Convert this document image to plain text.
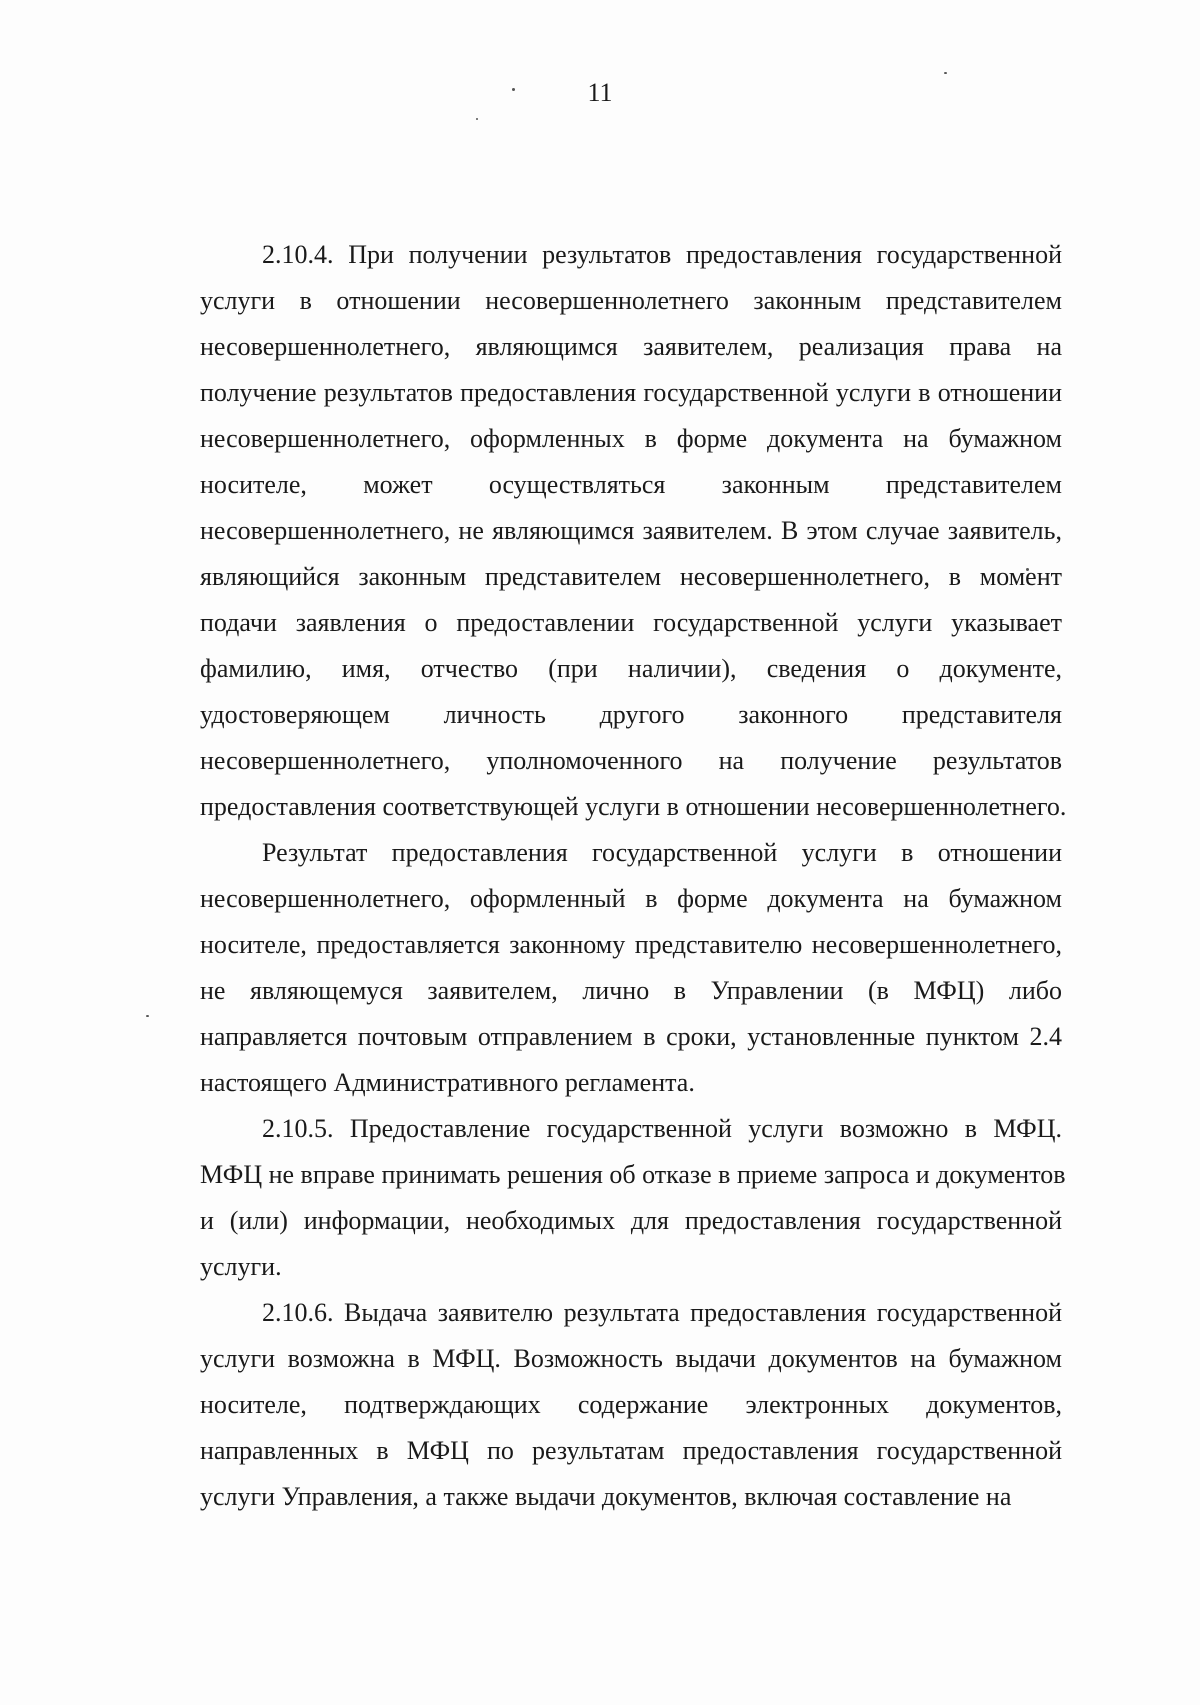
11
2.10.4. При получении результатов предоставления государственной
услуги в отношении несовершеннолетнего законным представителем
несовершеннолетнего, являющимся заявителем, реализация права на
получение результатов предоставления государственной услуги в отношении
несовершеннолетнего, оформленных в форме документа на бумажном
носителе, может осуществляться законным представителем
несовершеннолетнего, не являющимся заявителем. В этом случае заявитель,
являющийся законным представителем несовершеннолетнего, в момент
подачи заявления о предоставлении государственной услуги указывает
фамилию, имя, отчество (при наличии), сведения о документе,
удостоверяющем личность другого законного представителя
несовершеннолетнего, уполномоченного на получение результатов
предоставления соответствующей услуги в отношении несовершеннолетнего.
Результат предоставления государственной услуги в отношении
несовершеннолетнего, оформленный в форме документа на бумажном
носителе, предоставляется законному представителю несовершеннолетнего,
не являющемуся заявителем, лично в Управлении (в МФЦ) либо
направляется почтовым отправлением в сроки, установленные пунктом 2.4
настоящего Административного регламента.
2.10.5. Предоставление государственной услуги возможно в МФЦ.
МФЦ не вправе принимать решения об отказе в приеме запроса и документов
и (или) информации, необходимых для предоставления государственной
услуги.
2.10.6. Выдача заявителю результата предоставления государственной
услуги возможна в МФЦ. Возможность выдачи документов на бумажном
носителе, подтверждающих содержание электронных документов,
направленных в МФЦ по результатам предоставления государственной
услуги Управления, а также выдачи документов, включая составление на
